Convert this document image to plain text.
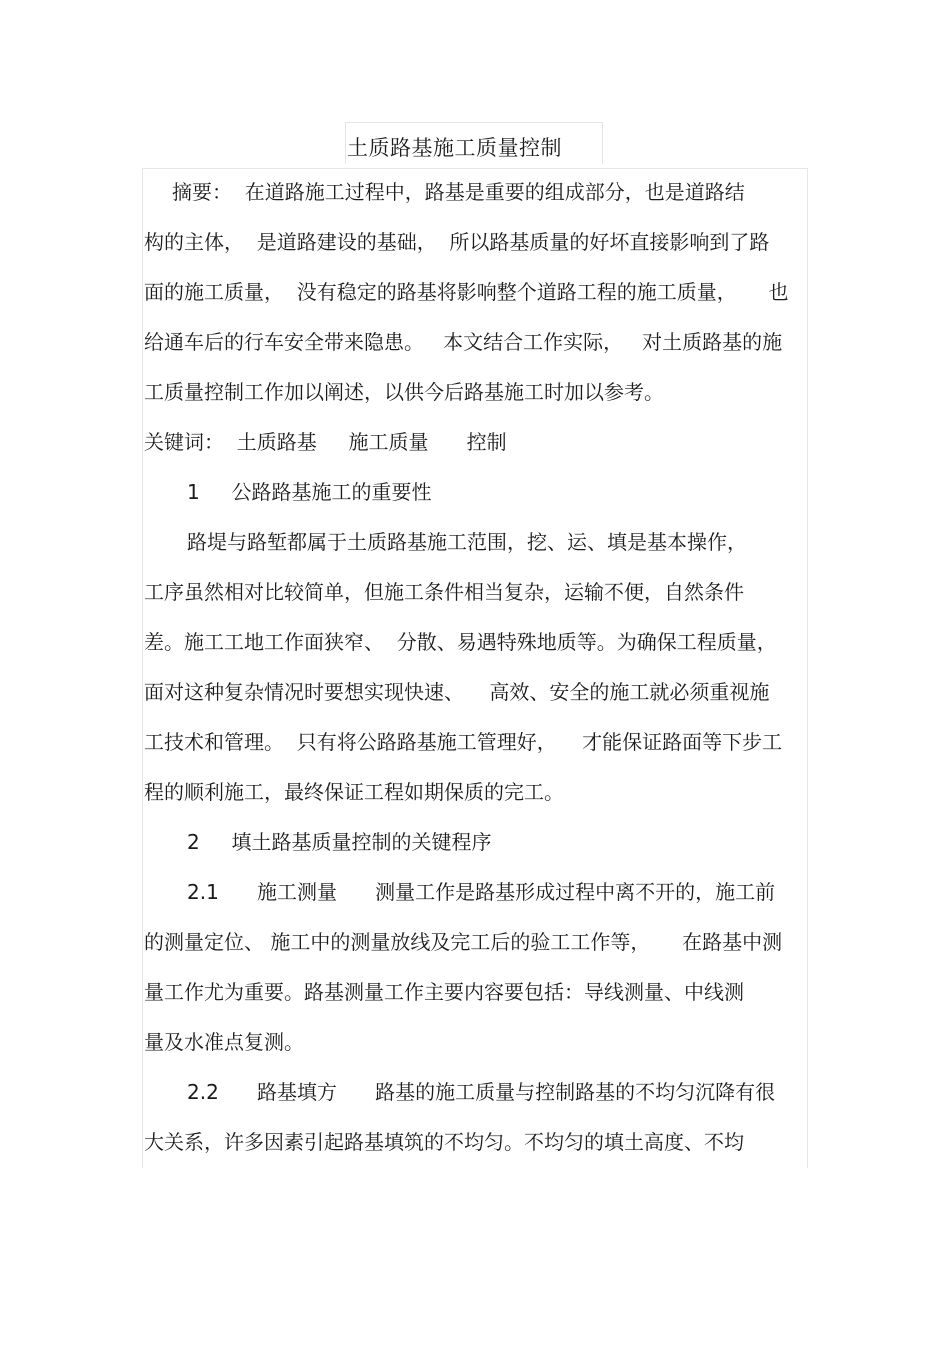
土质路基施工质量控制
摘要：  在道路施工过程中，路基是重要的组成部分，也是道路结
构的主体，  是道路建设的基础，  所以路基质量的好坏直接影响到了路
面的施工质量，  没有稳定的路基将影响整个道路工程的施工质量，     也
给通车后的行车安全带来隐患。   本文结合工作实际，   对土质路基的施
工质量控制工作加以阐述，以供今后路基施工时加以参考。
关键词：  土质路基     施工质量      控制
1     公路路基施工的重要性
路堤与路堑都属于土质路基施工范围，挖、运、填是基本操作，
工序虽然相对比较简单，但施工条件相当复杂，运输不便，自然条件
差。施工工地工作面狭窄、  分散、易遇特殊地质等。为确保工程质量，
面对这种复杂情况时要想实现快速、    高效、安全的施工就必须重视施
工技术和管理。  只有将公路路基施工管理好，    才能保证路面等下步工
程的顺利施工，最终保证工程如期保质的完工。
2     填土路基质量控制的关键程序
2.1      施工测量      测量工作是路基形成过程中离不开的，施工前
的测量定位、 施工中的测量放线及完工后的验工工作等，     在路基中测
量工作尤为重要。路基测量工作主要内容要包括：导线测量、中线测
量及水准点复测。
2.2      路基填方      路基的施工质量与控制路基的不均匀沉降有很
大关系，许多因素引起路基填筑的不均匀。不均匀的填土高度、不均
